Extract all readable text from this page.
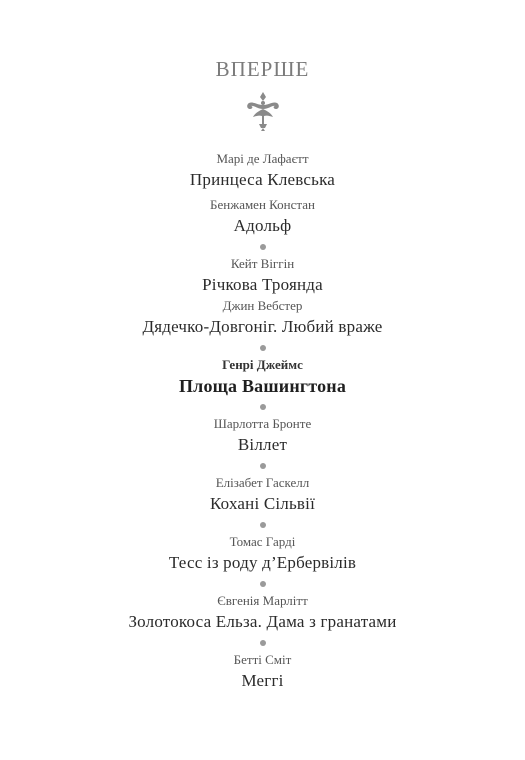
ВПЕРШЕ
Марі де Лафаєтт
Принцеса Клевська
Бенжамен Констан
Адольф
Кейт Віггін
Річкова Троянда
Джин Вебстер
Дядечко-Довгоніг. Любий враже
Генрі Джеймс
Площа Вашингтона
Шарлотта Бронте
Віллет
Елізабет Гаскелл
Кохані Сільвії
Томас Гарді
Тесс із роду д’Ербервілів
Євгенія Марлітт
Золотокоса Ельза. Дама з гранатами
Бетті Сміт
Меггі
